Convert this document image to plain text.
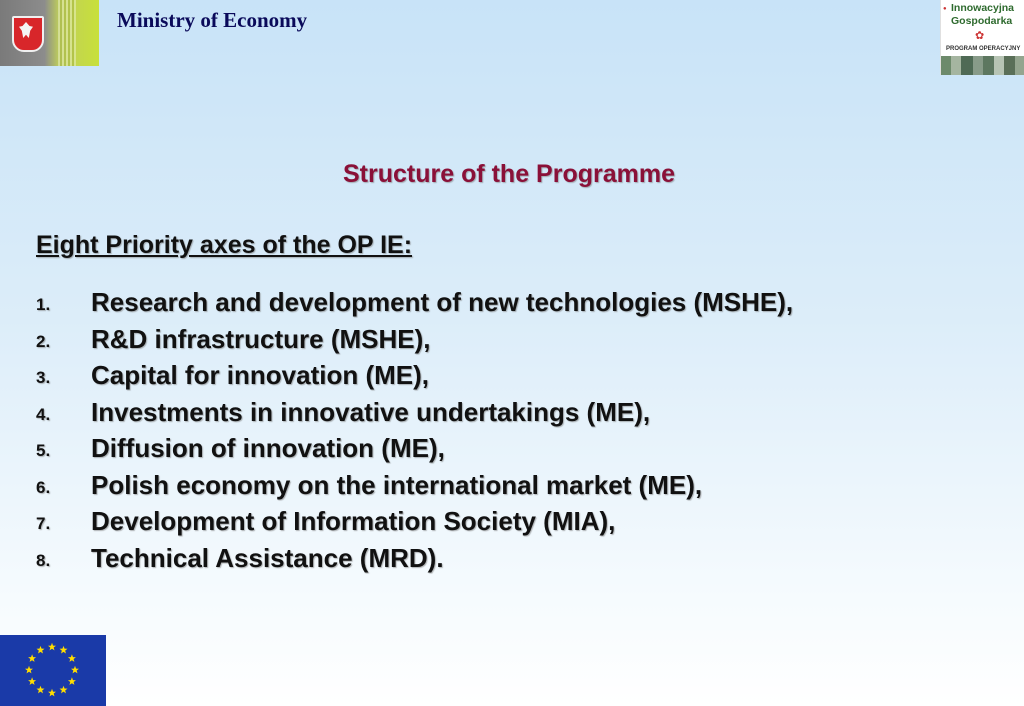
Ministry of Economy	● Innowacyjna
Gospodarka
✿
PROGRAM OPERACYJNY
Structure of the Programme
Eight Priority axes of the OP IE:
1. Research and development of new technologies (MSHE),
2. R&D infrastructure (MSHE),
3. Capital for innovation (ME),
4. Investments in innovative undertakings (ME),
5. Diffusion of innovation (ME),
6. Polish economy on the international market (ME),
7. Development of Information Society (MIA),
8. Technical Assistance (MRD).
